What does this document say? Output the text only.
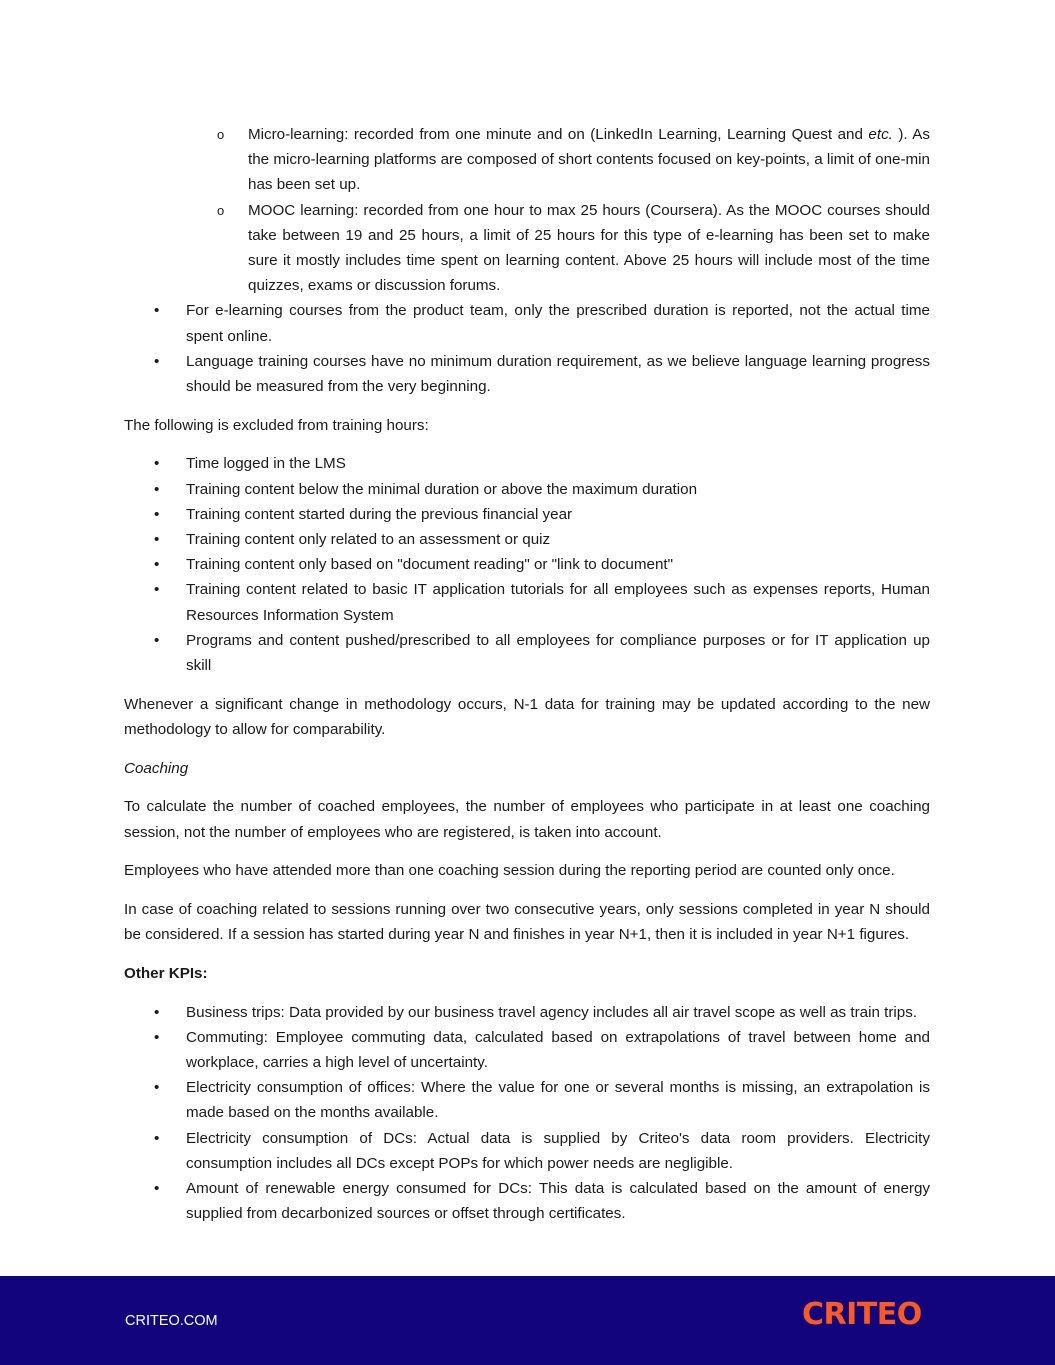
o Micro-learning: recorded from one minute and on (LinkedIn Learning, Learning Quest and etc. ). As the micro-learning platforms are composed of short contents focused on key-points, a limit of one-min has been set up.
o MOOC learning: recorded from one hour to max 25 hours (Coursera). As the MOOC courses should take between 19 and 25 hours, a limit of 25 hours for this type of e-learning has been set to make sure it mostly includes time spent on learning content. Above 25 hours will include most of the time quizzes, exams or discussion forums.
• For e-learning courses from the product team, only the prescribed duration is reported, not the actual time spent online.
• Language training courses have no minimum duration requirement, as we believe language learning progress should be measured from the very beginning.

The following is excluded from training hours:

• Time logged in the LMS
• Training content below the minimal duration or above the maximum duration
• Training content started during the previous financial year
• Training content only related to an assessment or quiz
• Training content only based on "document reading" or "link to document"
• Training content related to basic IT application tutorials for all employees such as expenses reports, Human Resources Information System
• Programs and content pushed/prescribed to all employees for compliance purposes or for IT application up skill

Whenever a significant change in methodology occurs, N-1 data for training may be updated according to the new methodology to allow for comparability.

Coaching

To calculate the number of coached employees, the number of employees who participate in at least one coaching session, not the number of employees who are registered, is taken into account.

Employees who have attended more than one coaching session during the reporting period are counted only once.

In case of coaching related to sessions running over two consecutive years, only sessions completed in year N should be considered. If a session has started during year N and finishes in year N+1, then it is included in year N+1 figures.

Other KPIs:

• Business trips: Data provided by our business travel agency includes all air travel scope as well as train trips.
• Commuting: Employee commuting data, calculated based on extrapolations of travel between home and workplace, carries a high level of uncertainty.
• Electricity consumption of offices: Where the value for one or several months is missing, an extrapolation is made based on the months available.
• Electricity consumption of DCs: Actual data is supplied by Criteo's data room providers. Electricity consumption includes all DCs except POPs for which power needs are negligible.
• Amount of renewable energy consumed for DCs: This data is calculated based on the amount of energy supplied from decarbonized sources or offset through certificates.
CRITEO.COM	CRITEO
